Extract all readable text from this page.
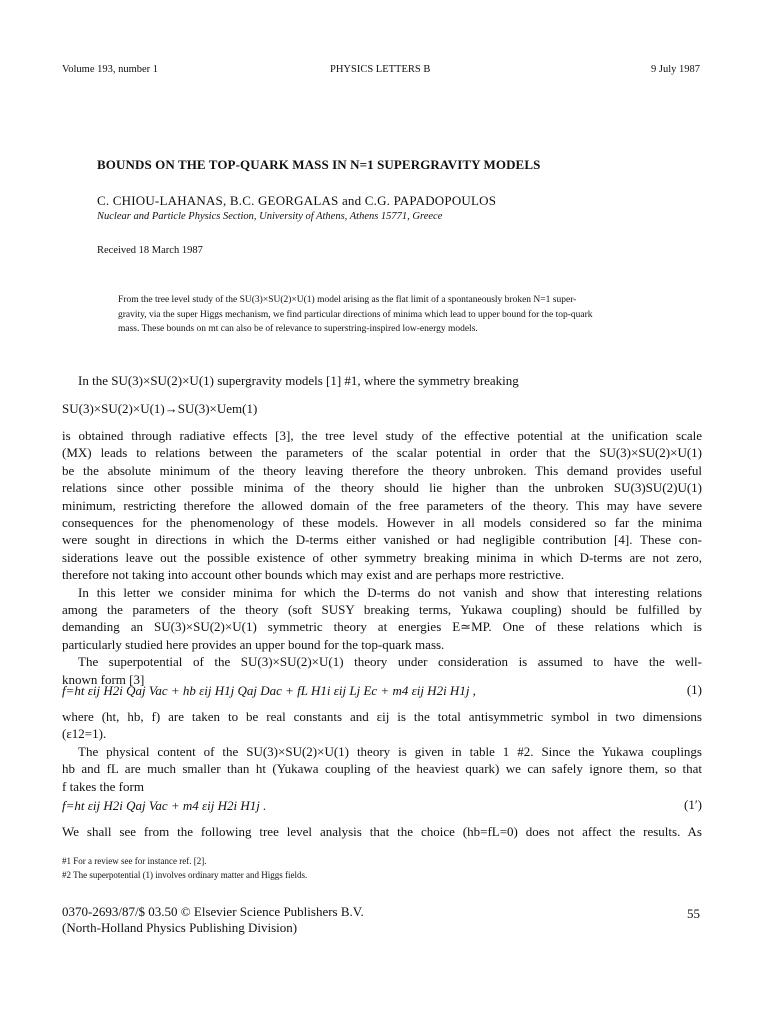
Volume 193, number 1	PHYSICS LETTERS B	9 July 1987
BOUNDS ON THE TOP-QUARK MASS IN N=1 SUPERGRAVITY MODELS
C. CHIOU-LAHANAS, B.C. GEORGALAS and C.G. PAPADOPOULOS
Nuclear and Particle Physics Section, University of Athens, Athens 15771, Greece
Received 18 March 1987
From the tree level study of the SU(3)×SU(2)×U(1) model arising as the flat limit of a spontaneously broken N=1 super-
gravity, via the super Higgs mechanism, we find particular directions of minima which lead to upper bound for the top-quark
mass. These bounds on mt can also be of relevance to superstring-inspired low-energy models.
In the SU(3)×SU(2)×U(1) supergravity models [1] #1, where the symmetry breaking
SU(3)×SU(2)×U(1)→SU(3)×Uem(1)
is obtained through radiative effects [3], the tree level study of the effective potential at the unification scale
(MX) leads to relations between the parameters of the scalar potential in order that the SU(3)×SU(2)×U(1)
be the absolute minimum of the theory leaving therefore the theory unbroken. This demand provides useful
relations since other possible minima of the theory should lie higher than the unbroken SU(3)SU(2)U(1)
minimum, restricting therefore the allowed domain of the free parameters of the theory. This may have severe
consequences for the phenomenology of these models. However in all models considered so far the minima
were sought in directions in which the D-terms either vanished or had negligible contribution [4]. These con-
siderations leave out the possible existence of other symmetry breaking minima in which D-terms are not zero,
therefore not taking into account other bounds which may exist and are perhaps more restrictive.
In this letter we consider minima for which the D-terms do not vanish and show that interesting relations
among the parameters of the theory (soft SUSY breaking terms, Yukawa coupling) should be fulfilled by
demanding an SU(3)×SU(2)×U(1) symmetric theory at energies E≃MP. One of these relations which is
particularly studied here provides an upper bound for the top-quark mass.
The superpotential of the SU(3)×SU(2)×U(1) theory under consideration is assumed to have the well-
known form [3]
f=ht εij H2i Qaj Vac + hb εij H1j Qaj Dac + fL H1i εij Lj Ec + m4 εij H2i H1j ,	(1)
where (ht, hb, f) are taken to be real constants and εij is the total antisymmetric symbol in two dimensions
(ε12=1).
The physical content of the SU(3)×SU(2)×U(1) theory is given in table 1 #2. Since the Yukawa couplings
hb and fL are much smaller than ht (Yukawa coupling of the heaviest quark) we can safely ignore them, so that
f takes the form
f=ht εij H2i Qaj Vac + m4 εij H2i H1j .	(1′)
We shall see from the following tree level analysis that the choice (hb=fL=0) does not affect the results. As
#1 For a review see for instance ref. [2].
#2 The superpotential (1) involves ordinary matter and Higgs fields.
0370-2693/87/$ 03.50 © Elsevier Science Publishers B.V.
(North-Holland Physics Publishing Division)
55
